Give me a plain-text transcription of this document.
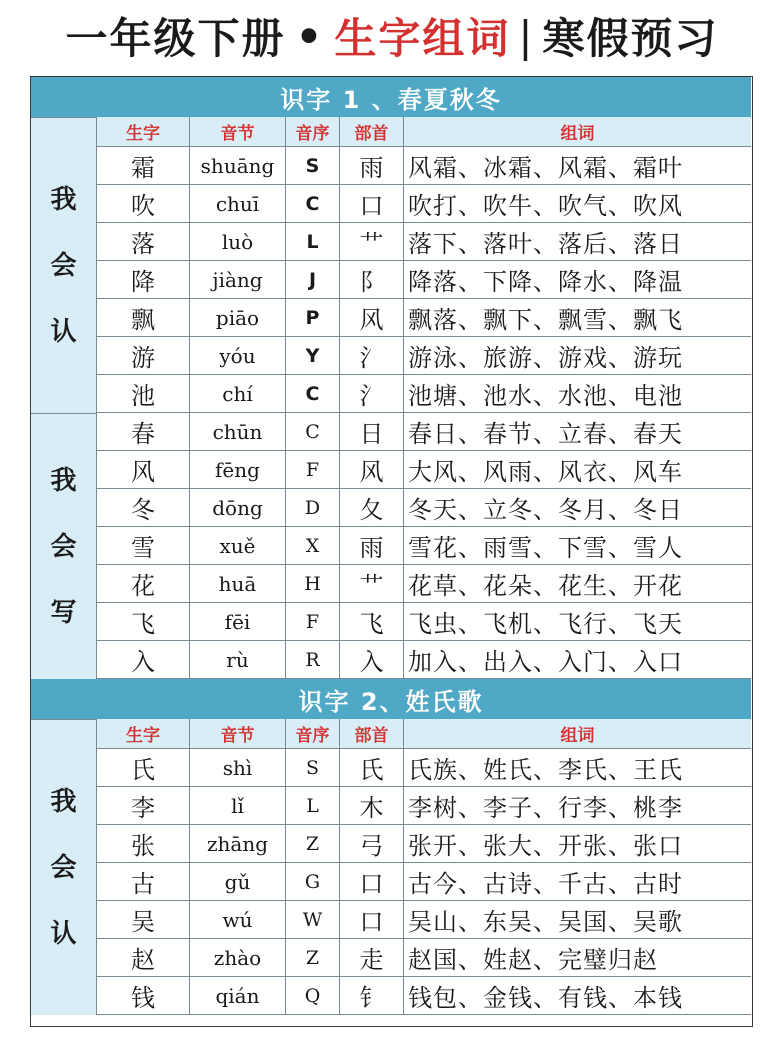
一年级下册 • 生字组词 | 寒假预习
识字 1 、春夏秋冬
生字	音节	音序	部首	组词
霜	shuāng	S	雨	风霜、冰霜、风霜、霜叶
吹	chuī	C	口	吹打、吹牛、吹气、吹风
落	luò	L	艹	落下、落叶、落后、落日
降	jiàng	J	阝	降落、下降、降水、降温
飘	piāo	P	风	飘落、飘下、飘雪、飘飞
游	yóu	Y	氵	游泳、旅游、游戏、游玩
池	chí	C	氵	池塘、池水、水池、电池
我
会
认
春	chūn	C	日	春日、春节、立春、春天
风	fēng	F	风	大风、风雨、风衣、风车
冬	dōng	D	夂	冬天、立冬、冬月、冬日
雪	xuě	X	雨	雪花、雨雪、下雪、雪人
花	huā	H	艹	花草、花朵、花生、开花
飞	fēi	F	飞	飞虫、飞机、飞行、飞天
入	rù	R	入	加入、出入、入门、入口
我
会
写
识字 2、姓氏歌
生字	音节	音序	部首	组词
氏	shì	S	氏	氏族、姓氏、李氏、王氏
李	lǐ	L	木	李树、李子、行李、桃李
张	zhāng	Z	弓	张开、张大、开张、张口
古	gǔ	G	口	古今、古诗、千古、古时
吴	wú	W	口	吴山、东吴、吴国、吴歌
赵	zhào	Z	走	赵国、姓赵、完璧归赵
钱	qián	Q	钅	钱包、金钱、有钱、本钱
我
会
认
